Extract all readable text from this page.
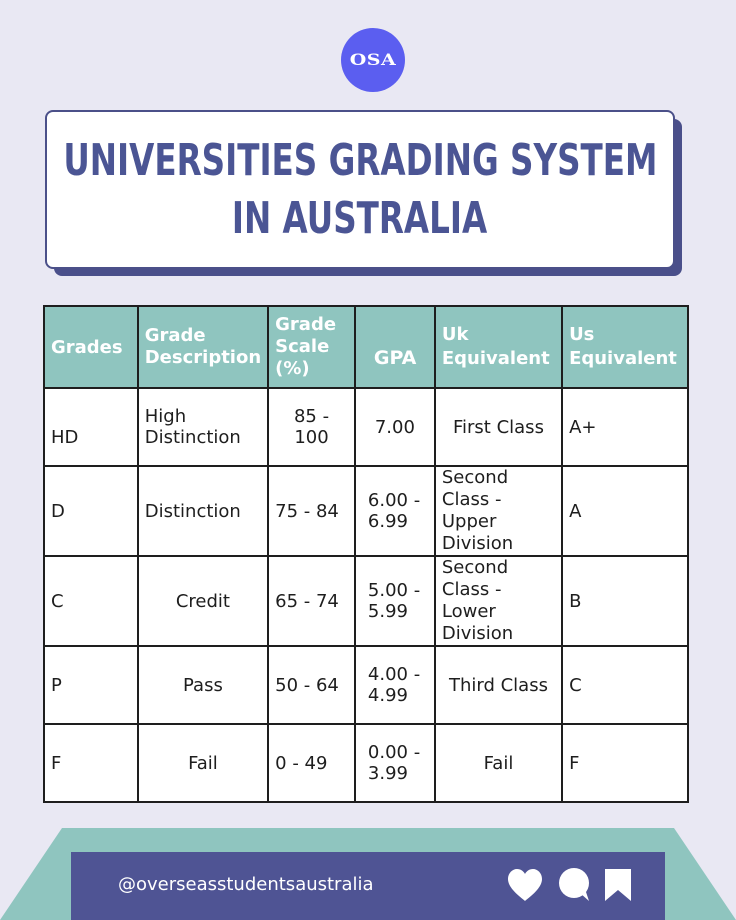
OSA
UNIVERSITIES GRADING SYSTEM
IN AUSTRALIA
Grades	Grade Description	Grade Scale (%)	GPA	Uk Equivalent	Us Equivalent
HD	High Distinction	85 - 100	7.00	First Class	A+
D	Distinction	75 - 84	6.00 - 6.99	Second Class - Upper Division	A
C	Credit	65 - 74	5.00 - 5.99	Second Class - Lower Division	B
P	Pass	50 - 64	4.00 - 4.99	Third Class	C
F	Fail	0 - 49	0.00 - 3.99	Fail	F
@overseasstudentsaustralia
